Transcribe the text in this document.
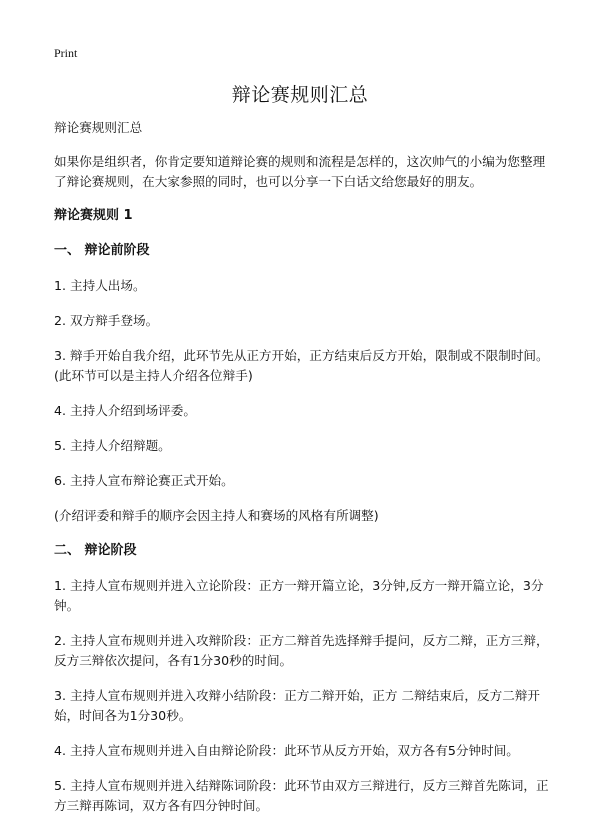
Print
辩论赛规则汇总

辩论赛规则汇总

如果你是组织者，你肯定要知道辩论赛的规则和流程是怎样的，这次帅气的小编为您整理了辩论赛规则，在大家参照的同时，也可以分享一下白话文给您最好的朋友。

辩论赛规则 1
一、 辩论前阶段
1. 主持人出场。
2. 双方辩手登场。
3. 辩手开始自我介绍，此环节先从正方开始，正方结束后反方开始，限制或不限制时间。(此环节可以是主持人介绍各位辩手)
4. 主持人介绍到场评委。
5. 主持人介绍辩题。
6. 主持人宣布辩论赛正式开始。
(介绍评委和辩手的顺序会因主持人和赛场的风格有所调整)
二、 辩论阶段
1. 主持人宣布规则并进入立论阶段：正方一辩开篇立论，3分钟,反方一辩开篇立论，3分钟。
2. 主持人宣布规则并进入攻辩阶段：正方二辩首先选择辩手提问，反方二辩，正方三辩，反方三辩依次提问，各有1分30秒的时间。
3. 主持人宣布规则并进入攻辩小结阶段：正方二辩开始，正方 二辩结束后，反方二辩开始，时间各为1分30秒。
4. 主持人宣布规则并进入自由辩论阶段：此环节从反方开始，双方各有5分钟时间。
5. 主持人宣布规则并进入结辩陈词阶段：此环节由双方三辩进行，反方三辩首先陈词，正方三辩再陈词，双方各有四分钟时间。
